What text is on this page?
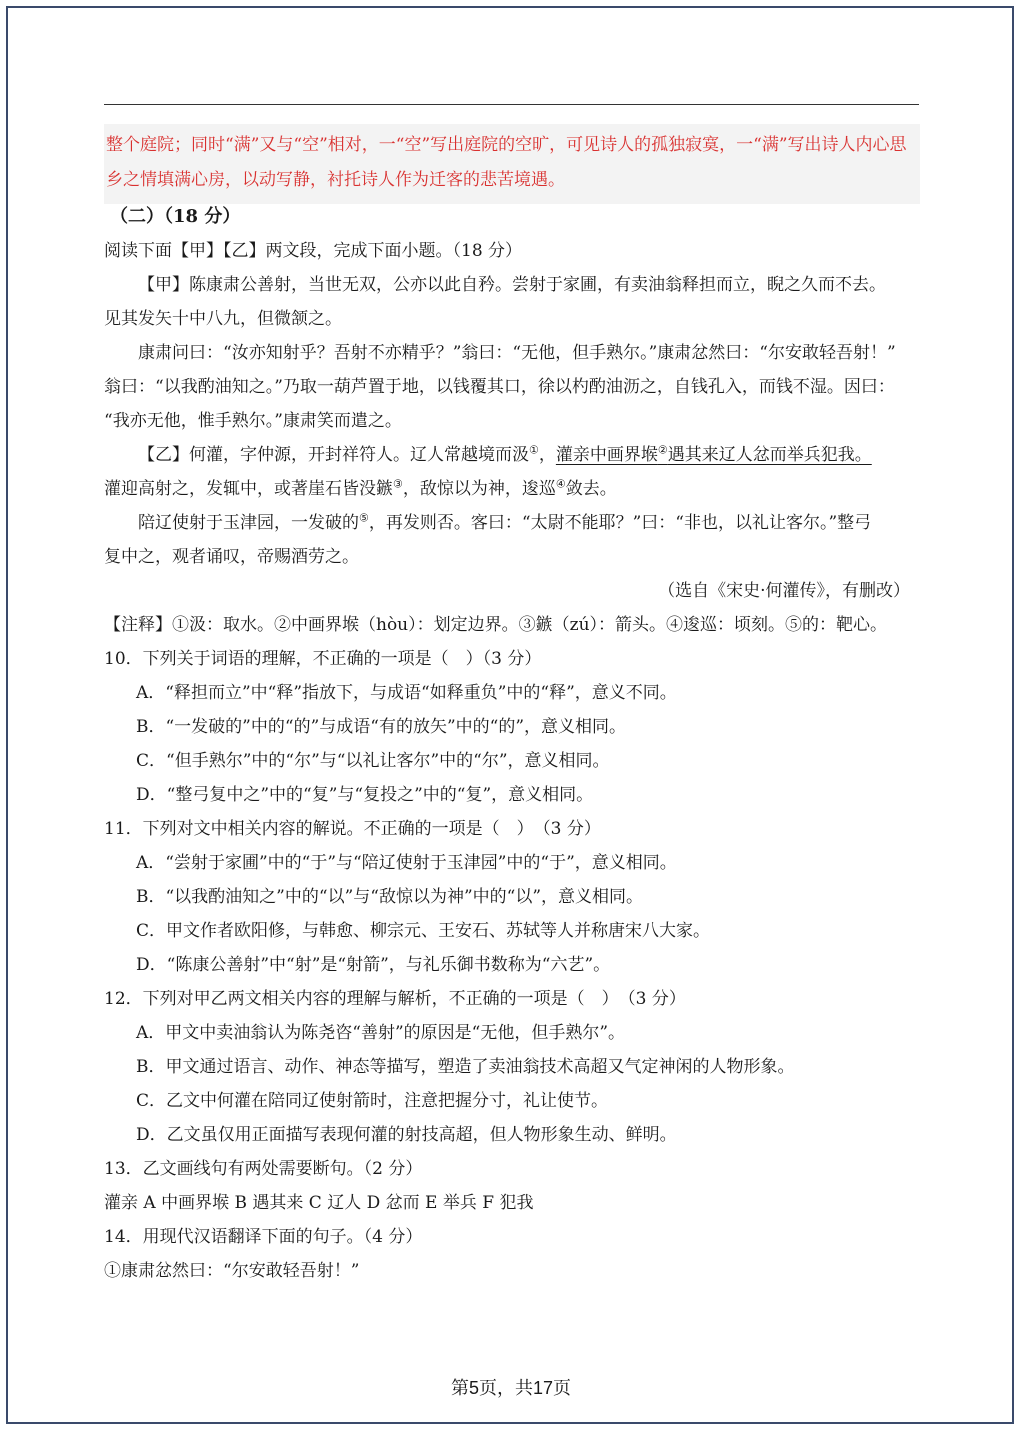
整个庭院；同时“满”又与“空”相对，一“空”写出庭院的空旷，可见诗人的孤独寂寞，一“满”写出诗人内心思
乡之情填满心房，以动写静，衬托诗人作为迁客的悲苦境遇。
（二）（18 分）
阅读下面【甲】【乙】两文段，完成下面小题。（18 分）
【甲】陈康肃公善射，当世无双，公亦以此自矜。尝射于家圃，有卖油翁释担而立，睨之久而不去。
见其发矢十中八九，但微颔之。
康肃问曰：“汝亦知射乎？吾射不亦精乎？”翁曰：“无他，但手熟尔。”康肃忿然曰：“尔安敢轻吾射！”
翁曰：“以我酌油知之。”乃取一葫芦置于地，以钱覆其口，徐以杓酌油沥之，自钱孔入，而钱不湿。因曰：
“我亦无他，惟手熟尔。”康肃笑而遣之。
【乙】何灌，字仲源，开封祥符人。辽人常越境而汲①，灌亲中画界堠②遇其来辽人忿而举兵犯我。
灌迎高射之，发辄中，或著崖石皆没鏃③，敌惊以为神，逡巡④敛去。
陪辽使射于玉津园，一发破的⑤，再发则否。客曰：“太尉不能耶？”曰：“非也，以礼让客尔。”整弓
复中之，观者诵叹，帝赐酒劳之。
（选自《宋史·何灌传》，有删改）
【注释】①汲：取水。②中画界堠（hòu）：划定边界。③鏃（zú）：箭头。④逡巡：顷刻。⑤的：靶心。
10．下列关于词语的理解，不正确的一项是（　）（3 分）
A．“释担而立”中“释”指放下，与成语“如释重负”中的“释”，意义不同。
B．“一发破的”中的“的”与成语“有的放矢”中的“的”，意义相同。
C．“但手熟尔”中的“尔”与“以礼让客尔”中的“尔”，意义相同。
D．“整弓复中之”中的“复”与“复投之”中的“复”，意义相同。
11．下列对文中相关内容的解说。不正确的一项是（　）　（3 分）
A．“尝射于家圃”中的“于”与“陪辽使射于玉津园”中的“于”，意义相同。
B．“以我酌油知之”中的“以”与“敌惊以为神”中的“以”，意义相同。
C．甲文作者欧阳修，与韩愈、柳宗元、王安石、苏轼等人并称唐宋八大家。
D．“陈康公善射”中“射”是“射箭”，与礼乐御书数称为“六艺”。
12．下列对甲乙两文相关内容的理解与解析，不正确的一项是（　）　（3 分）
A．甲文中卖油翁认为陈尧咨“善射”的原因是“无他，但手熟尔”。
B．甲文通过语言、动作、神态等描写，塑造了卖油翁技术高超又气定神闲的人物形象。
C．乙文中何灌在陪同辽使射箭时，注意把握分寸，礼让使节。
D．乙文虽仅用正面描写表现何灌的射技高超，但人物形象生动、鲜明。
13．乙文画线句有两处需要断句。（2 分）
灌亲 A 中画界堠 B 遇其来 C 辽人 D 忿而 E 举兵 F 犯我
14．用现代汉语翻译下面的句子。（4 分）
①康肃忿然曰：“尔安敢轻吾射！”
第5页，共17页
